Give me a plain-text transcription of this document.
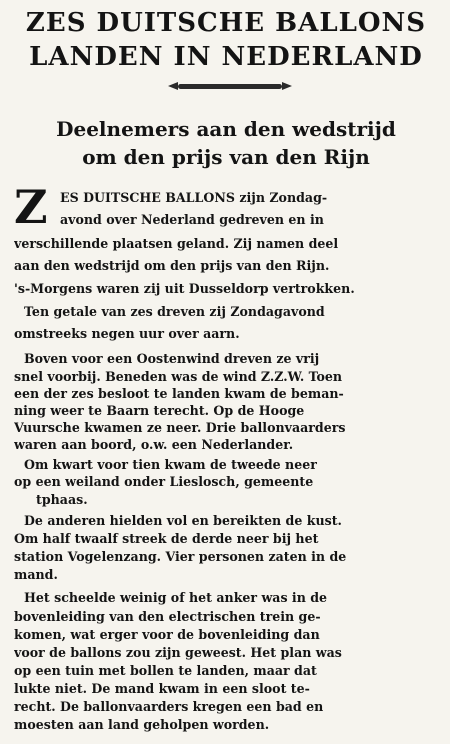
ZES DUITSCHE BALLONS
LANDEN IN NEDERLAND
Deelnemers aan den wedstrijd
om den prijs van den Rijn
Z ES DUITSCHE BALLONS zijn Zondag-
avond over Nederland gedreven en in
verschillende plaatsen geland. Zij namen deel
aan den wedstrijd om den prijs van den Rijn.
's-Morgens waren zij uit Dusseldorp vertrokken.
Ten getale van zes dreven zij Zondagavond
omstreeks negen uur over aarn.
Boven voor een Oostenwind dreven ze vrij
snel voorbij. Beneden was de wind Z.Z.W. Toen
een der zes besloot te landen kwam de beman-
ning weer te Baarn terecht. Op de Hooge
Vuursche kwamen ze neer. Drie ballonvaarders
waren aan boord, o.w. een Nederlander.
Om kwart voor tien kwam de tweede neer
op een weiland onder Lieslosch, gemeente
tphaas.
De anderen hielden vol en bereikten de kust.
Om half twaalf streek de derde neer bij het
station Vogelenzang. Vier personen zaten in de
mand.
Het scheelde weinig of het anker was in de
bovenleiding van den electrischen trein ge-
komen, wat erger voor de bovenleiding dan
voor de ballons zou zijn geweest. Het plan was
op een tuin met bollen te landen, maar dat
lukte niet. De mand kwam in een sloot te-
recht. De ballonvaarders kregen een bad en
moesten aan land geholpen worden.
